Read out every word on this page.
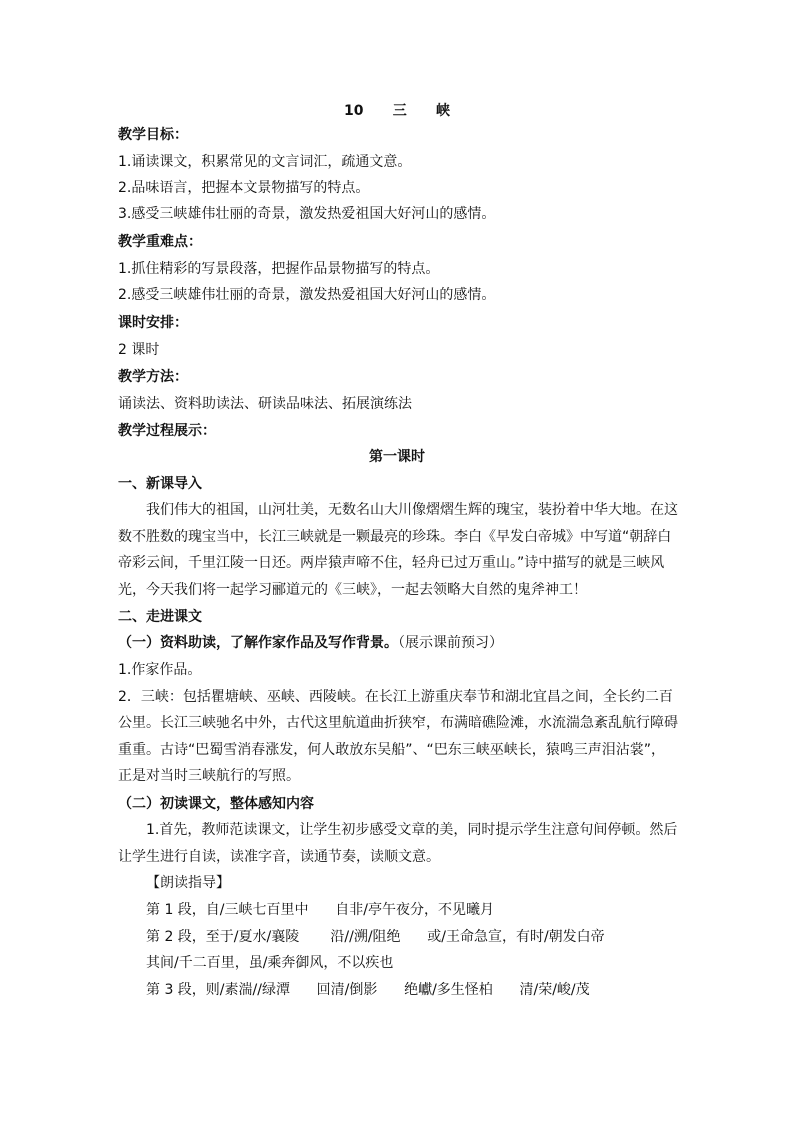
10 三 峡
教学目标：
1.诵读课文，积累常见的文言词汇，疏通文意。
2.品味语言，把握本文景物描写的特点。
3.感受三峡雄伟壮丽的奇景，激发热爱祖国大好河山的感情。
教学重难点：
1.抓住精彩的写景段落，把握作品景物描写的特点。
2.感受三峡雄伟壮丽的奇景，激发热爱祖国大好河山的感情。
课时安排：
2 课时
教学方法：
诵读法、资料助读法、研读品味法、拓展演练法
教学过程展示：
第一课时
一、新课导入
我们伟大的祖国，山河壮美，无数名山大川像熠熠生辉的瑰宝，装扮着中华大地。在这
数不胜数的瑰宝当中，长江三峡就是一颗最亮的珍珠。李白《早发白帝城》中写道“朝辞白
帝彩云间，千里江陵一日还。两岸猿声啼不住，轻舟已过万重山。”诗中描写的就是三峡风
光，今天我们将一起学习郦道元的《三峡》，一起去领略大自然的鬼斧神工！
二、走进课文
（一）资料助读，了解作家作品及写作背景。（展示课前预习）
1.作家作品。
2．三峡：包括瞿塘峡、巫峡、西陵峡。在长江上游重庆奉节和湖北宜昌之间，全长约二百
公里。长江三峡驰名中外，古代这里航道曲折狭窄，布满暗礁险滩，水流湍急紊乱航行障碍
重重。古诗“巴蜀雪消春涨发，何人敢放东吴船”、“巴东三峡巫峡长，猿鸣三声泪沾裳”，
正是对当时三峡航行的写照。
（二）初读课文，整体感知内容
1.首先，教师范读课文，让学生初步感受文章的美，同时提示学生注意句间停顿。然后
让学生进行自读，读准字音，读通节奏，读顺文意。
【朗读指导】
第 1 段，自/三峡七百里中      自非/亭午夜分，不见曦月
第 2 段，至于/夏水/襄陵       沿//溯/阻绝      或/王命急宣，有时/朝发白帝
其间/千二百里，虽/乘奔御风，不以疾也
第 3 段，则/素湍//绿潭      回清/倒影      绝巘/多生怪柏      清/荣/峻/茂
